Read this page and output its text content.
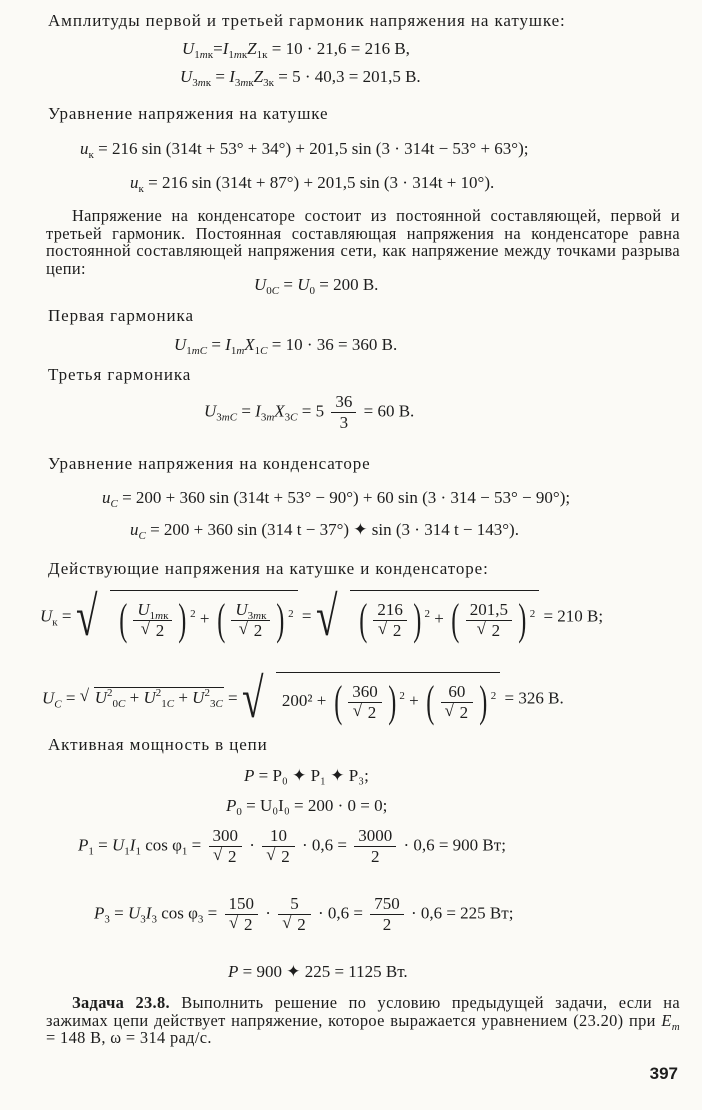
Амплитуды первой и третьей гармоник напряжения на катушке:
$U_{1mк}=I_{1mк}Z_{1к} = 10 \cdot 21,6 = 216$ В,
$U_{3mк} = I_{3mк}Z_{3к} = 5 \cdot 40,3 = 201,5$ В.
Уравнение напряжения на катушке
$u_к = 216$ sin (314t + 53° + 34°) + 201,5 sin (3 · 314t − 53° + 63°);
$u_к = 216$ sin (314t + 87°) + 201,5 sin (3 · 314t + 10°).
Напряжение на конденсаторе состоит из постоянной составляющей, первой и третьей гармоник. Постоянная составляющая напряжения на конденсаторе равна постоянной составляющей напряжения сети, как напряжение между точками разрыва цепи:
$U_{0C} = U_0 = 200$ В.
Первая гармоника
$U_{1mC} = I_{1m}X_{1C} = 10 \cdot 36 = 360$ В.
Третья гармоника
$U_{3mC} = I_{3m}X_{3C} = 5 \frac{36}{3} = 60$ В.
Уравнение напряжения на конденсаторе
$u_C = 200 + 360$ sin (314t + 53° − 90°) + 60 sin (3 · 314 − 53° − 90°);
$u_C = 200 + 360$ sin (314 t − 37°) ✦ sin (3 · 314 t − 143°).
Действующие напряжения на катушке и конденсаторе:
$U_к$ = √ ( $U_{1mк}$
√ 2 ) $^2$ + ( $U_{3mк}$
√ 2 ) $^2$ = √ ( 216
√ 2 ) $^2$ + ( 201,5
√ 2 ) $^2$ = 210 В;
$U_C$ = √ $U^2_{0C} + U^2_{1C} + U^2_{3C}$ = √ 200² + ( 360
√ 2 ) $^2$ + ( 60
√ 2 ) $^2$ = 326 В.
Активная мощность в цепи
P = P₀ ✦ P₁ ✦ P₃;
$P_0 = U_0I_0 = 200 \cdot 0 = 0$;
$P_1 = U_1I_1$ $\cos \varphi_1 = 300$
√ 2 · 10
√ $2 \cdot 0,6 = \frac{3000}{2} \cdot 0,6 = 900$ Вт;
$P_3 = U_3I_3$ $\cos \varphi_3 = 150$
√ 2 · 5
√ $2 \cdot 0,6 = \frac{750}{2} \cdot 0,6 = 225$ Вт;
P = 900 ✦ 225 = 1125 Вт.
Задача 23.8. Выполнить решение по условию предыдущей задачи, если на зажимах цепи действует напряжение, которое выражается уравнением (23.20) при $E_m = 148$ В, ω = 314 рад/с.
397
